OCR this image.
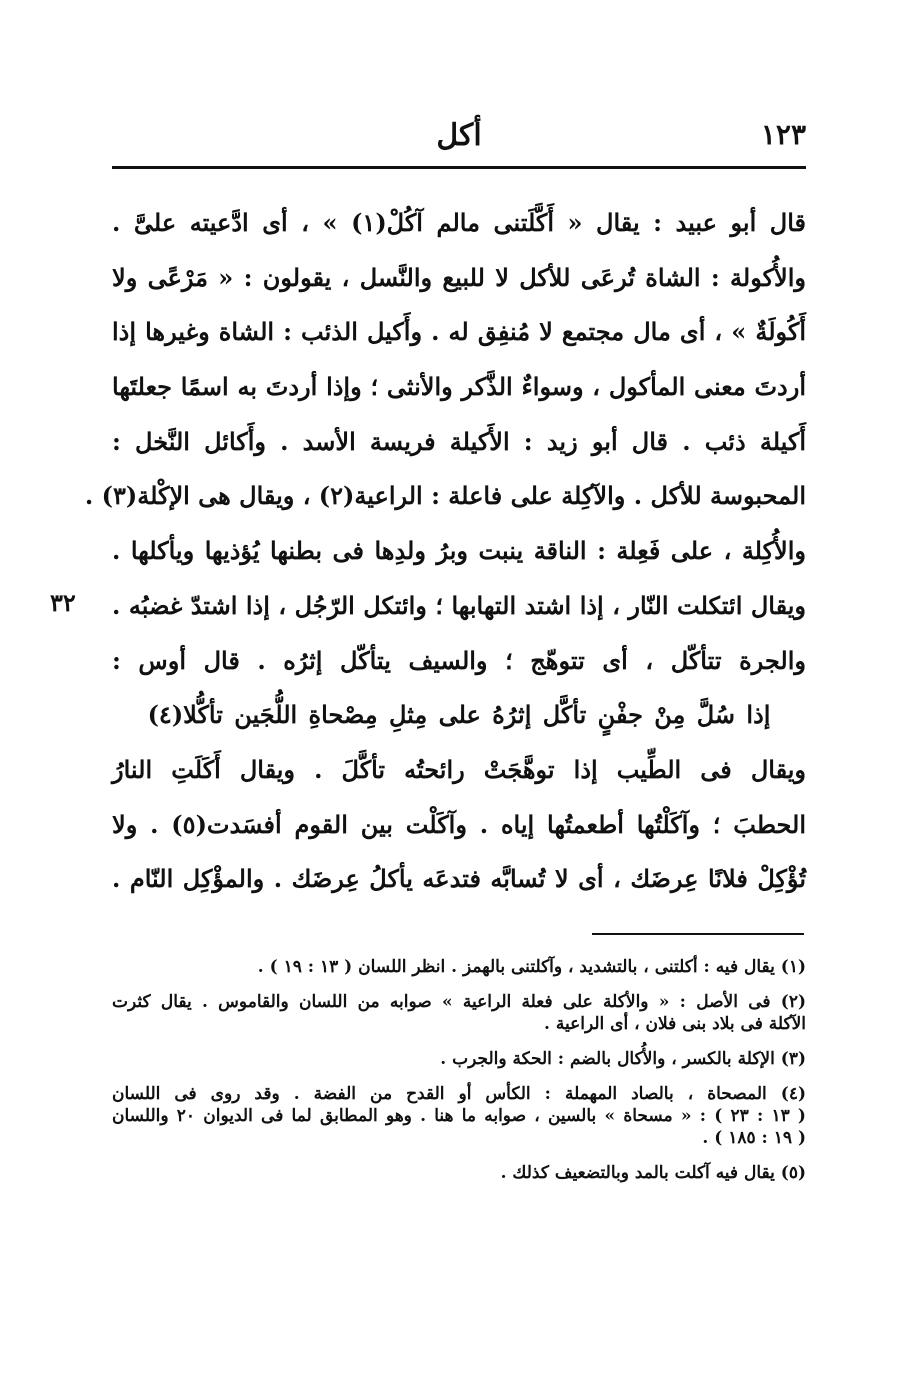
١٢٣
أكل
٣٢
قال أبو عبيد : يقال « أَكَّلَتنى مالم آكُلْ(١) » ، أى ادَّعيته علىَّ .
والأُكولة : الشاة تُرعَى للأكل لا للبيع والنَّسل ، يقولون : « مَرْعًى ولا
أَكُولَةٌ » ، أى مال مجتمع لا مُنفِق له . وأَكيل الذئب : الشاة وغيرها إذا
أردتَ معنى المأكول ، وسواءٌ الذَّكر والأنثى ؛ وإذا أردتَ به اسمًا جعلتَها
أَكيلة ذئب . قال أبو زيد : الأَكيلة فريسة الأسد . وأَكائل النَّخل :
المحبوسة للأكل . والآكِلة على فاعلة : الراعية(٢) ، ويقال هى الإكْلة(٣) .
والأُكِلة ، على فَعِلة : الناقة ينبت وبرُ ولدِها فى بطنها يُؤذيها ويأكلها .
ويقال ائتكلت النّار ، إذا اشتد التهابها ؛ وائتكل الرّجُل ، إذا اشتدّ غضبُه .
والجرة تتأكّل ، أى تتوهّج ؛ والسيف يتأكّل إثرُه . قال أوس :
إذا سُلَّ مِنْ جفْنٍ تأكَّل إثرُهُ على مِثلِ مِصْحاةِ اللُّجَين تأكُّلا(٤)
ويقال فى الطِّيب إذا توهَّجَتْ رائحتُه تأكَّلَ . ويقال أَكَلَتِ النارُ
الحطبَ ؛ وآكَلْتُها أطعمتُها إياه . وآكَلْت بين القوم أفسَدت(٥) . ولا
تُؤْكِلْ فلانًا عِرضَك ، أى لا تُسابَّه فتدعَه يأكلُ عِرضَك . والمؤْكِل النّام .
(١) يقال فيه : أكلتنى ، بالتشديد ، وآكلتنى بالهمز . انظر اللسان ( ١٣ : ١٩ ) .
(٢) فى الأصل : « والأكلة على فعلة الراعية » صوابه من اللسان والقاموس . يقال كثرت
الآكلة فى بلاد بنى فلان ، أى الراعية .
(٣) الإكلة بالكسر ، والأُكال بالضم : الحكة والجرب .
(٤) المصحاة ، بالصاد المهملة : الكأس أو القدح من الفضة . وقد روى فى اللسان
( ١٣ : ٢٣ ) : « مسحاة » بالسين ، صوابه ما هنا . وهو المطابق لما فى الديوان ٢٠ واللسان
( ١٩ : ١٨٥ ) .
(٥) يقال فيه آكلت بالمد وبالتضعيف كذلك .
